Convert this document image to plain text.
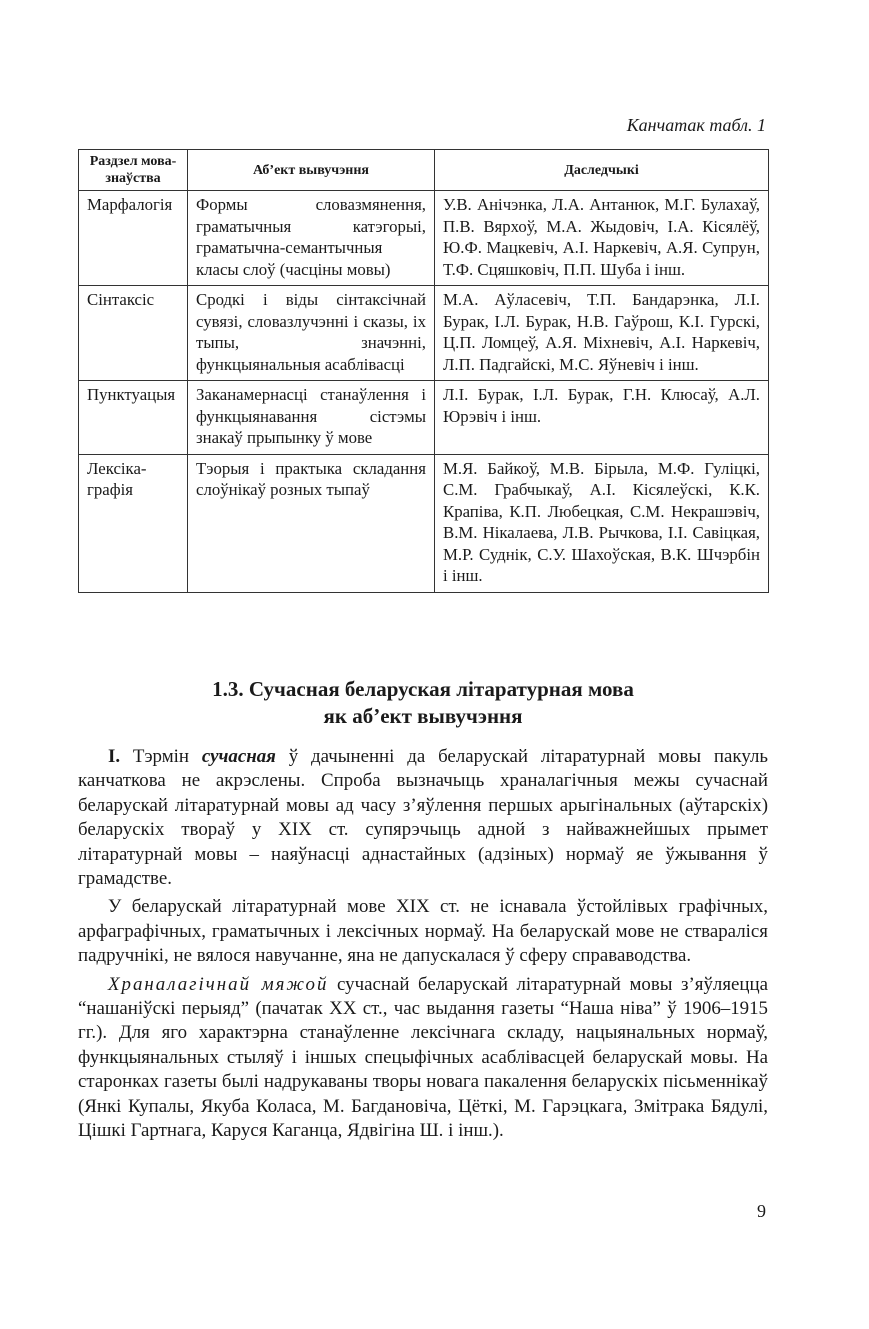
Канчатак табл. 1
Раздзел мовазнаўства	Аб’ект вывучэння	Даследчыкі
Марфалогія	Формы словазмянення, граматычныя катэгорыі, граматычна-семантычныя класы слоў (часціны мовы)	У.В. Анічэнка, Л.А. Антанюк, М.Г. Булахаў, П.В. Вярхоў, М.А. Жыдовіч, І.А. Кісялёў, Ю.Ф. Мацкевіч, А.І. Наркевіч, А.Я. Супрун, Т.Ф. Сцяшковіч, П.П. Шуба і інш.
Сінтаксіс	Сродкі і віды сінтаксічнай сувязі, словазлучэнні і сказы, іх тыпы, значэнні, функцыянальныя асаблівасці	М.А. Аўласевіч, Т.П. Бандарэнка, Л.І. Бурак, І.Л. Бурак, Н.В. Гаўрош, К.І. Гурскі, Ц.П. Ломцеў, А.Я. Міхневіч, А.І. Наркевіч, Л.П. Падгайскі, М.С. Яўневіч і інш.
Пунктуацыя	Заканамернасці станаўлення і функцыянавання сістэмы знакаў прыпынку ў мове	Л.І. Бурак, І.Л. Бурак, Г.Н. Клюсаў, А.Л. Юрэвіч і інш.
Лексікаграфія	Тэорыя і практыка складання слоўнікаў розных тыпаў	М.Я. Байкоў, М.В. Бірыла, М.Ф. Гуліцкі, С.М. Грабчыкаў, А.І. Кісялеўскі, К.К. Крапіва, К.П. Любецкая, С.М. Некрашэвіч, В.М. Нікалаева, Л.В. Рычкова, І.І. Савіцкая, М.Р. Суднік, С.У. Шахоўская, В.К. Шчэрбін і інш.
1.3. Сучасная беларуская літаратурная мова
як аб’ект вывучэння

І. Тэрмін сучасная ў дачыненні да беларускай літаратурнай мовы пакуль канчаткова не акрэслены. Спроба вызначыць храналагічныя межы сучаснай беларускай літаратурнай мовы ад часу з’яўлення першых арыгінальных (аўтарскіх) беларускіх твораў у XIX ст. супярэчыць адной з найважнейшых прымет літаратурнай мовы – наяўнасці аднастайных (адзіных) нормаў яе ўжывання ў грамадстве.

У беларускай літаратурнай мове XIX ст. не існавала ўстойлівых графічных, арфаграфічных, граматычных і лексічных нормаў. На беларускай мове не ствараліся падручнікі, не вялося навучанне, яна не дапускалася ў сферу справаводства.

Храналагічнай мяжой сучаснай беларускай літаратурнай мовы з’яўляецца “нашаніўскі перыяд” (пачатак XX ст., час выдання газеты “Наша ніва” ў 1906–1915 гг.). Для яго характэрна станаўленне лексічнага складу, нацыянальных нормаў, функцыянальных стыляў і іншых спецыфічных асаблівасцей беларускай мовы. На старонках газеты былі надрукаваны творы новага пакалення беларускіх пісьменнікаў (Янкі Купалы, Якуба Коласа, М. Багдановіча, Цёткі, М. Гарэцкага, Змітрака Бядулі, Цішкі Гартнага, Каруся Каганца, Ядвігіна Ш. і інш.).

9
